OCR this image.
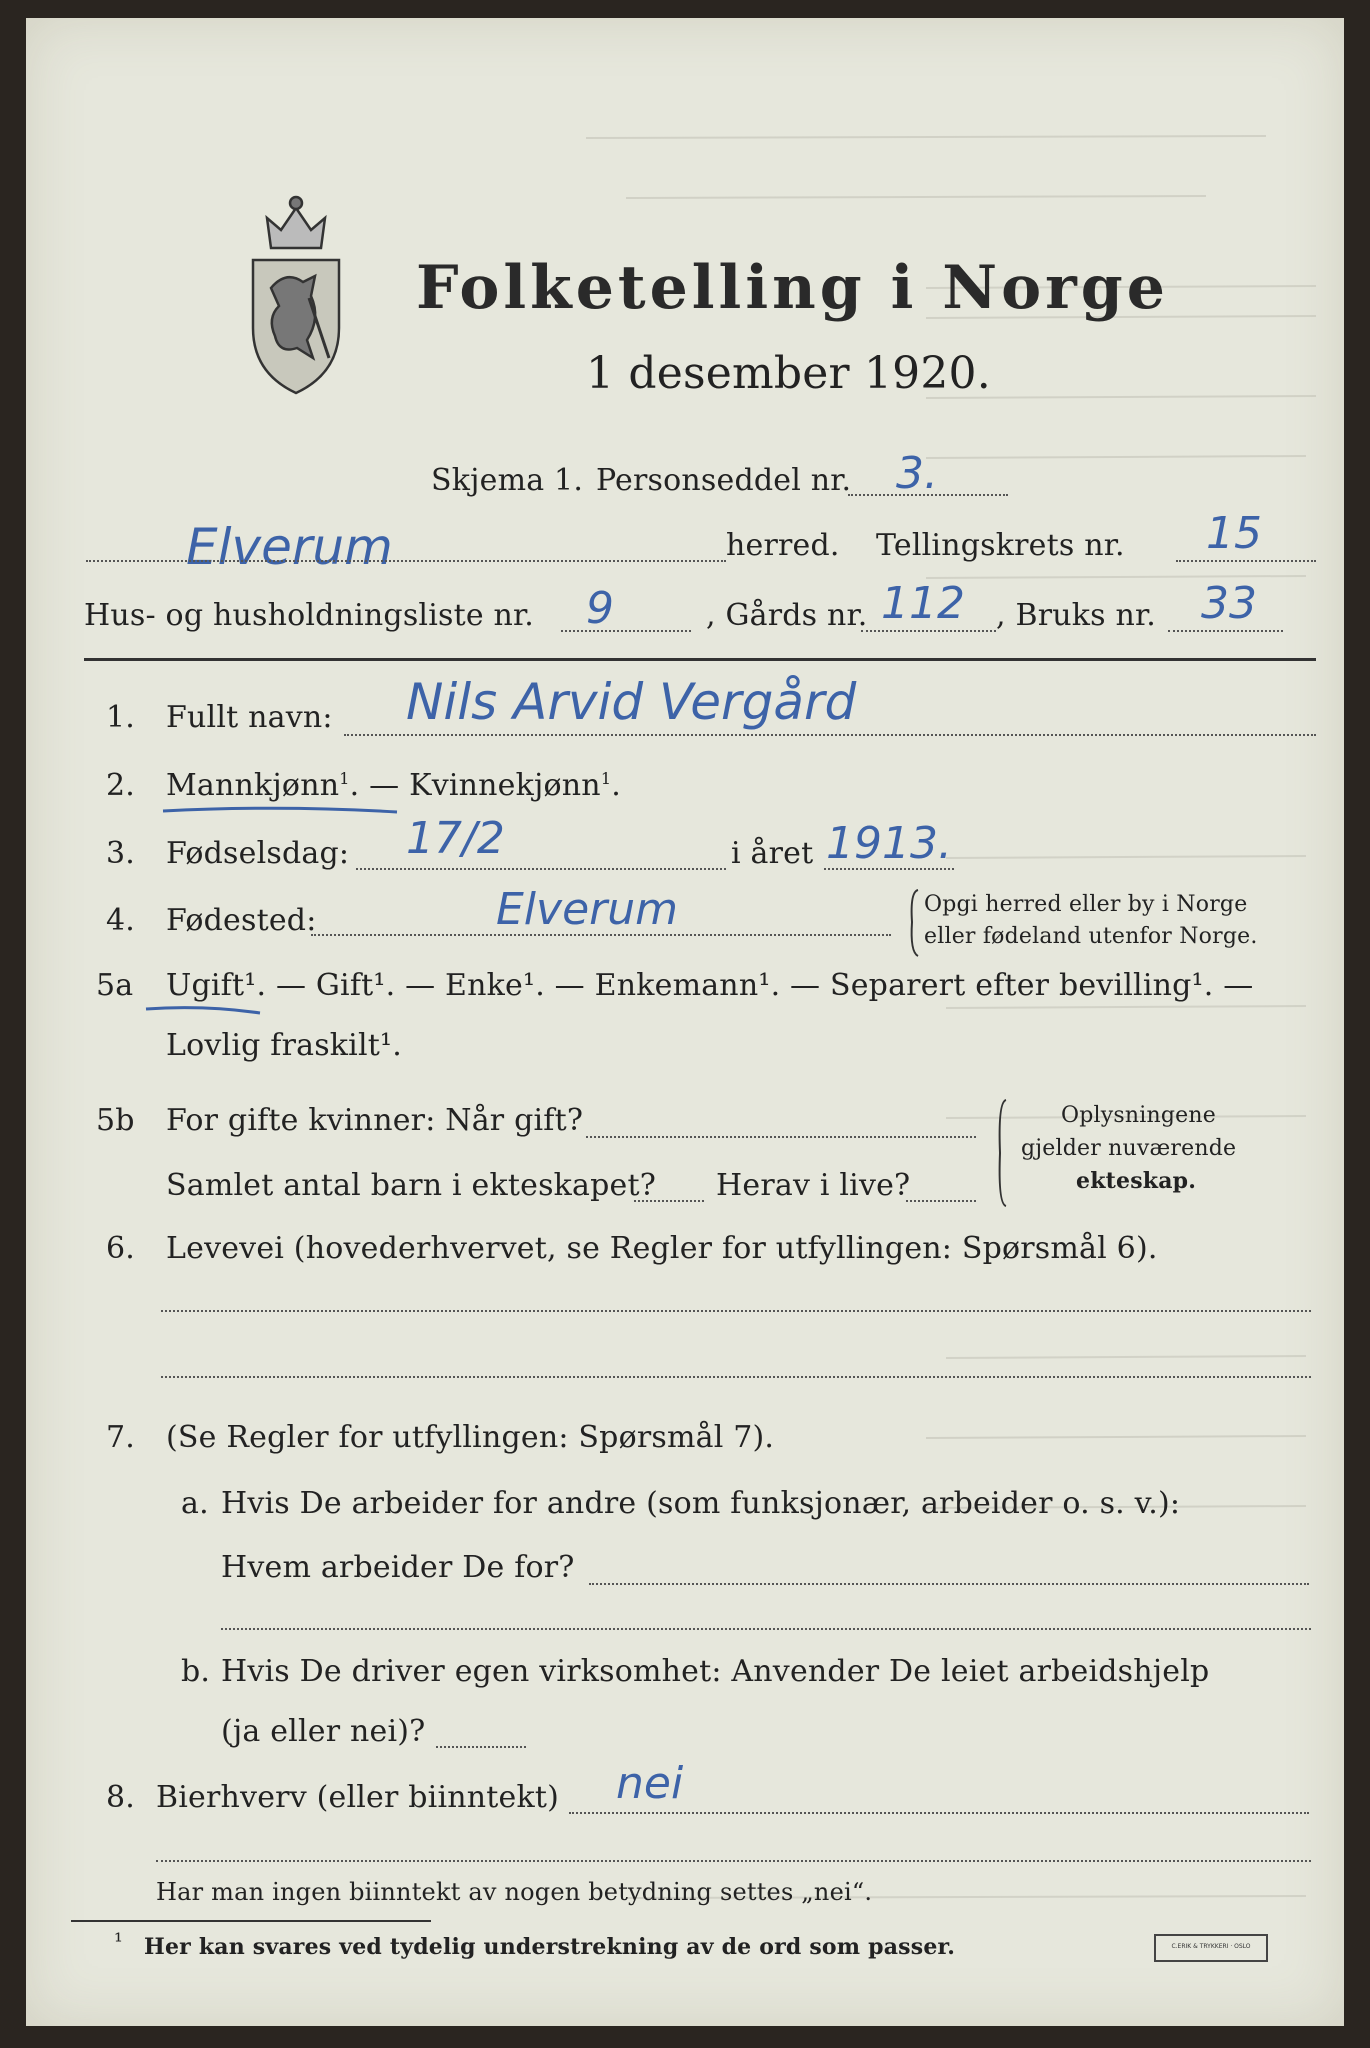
Folketelling i Norge
1 desember 1920.
Skjema 1. Personseddel nr. 3.
Elverum	herred. Tellingskrets nr. 15
Hus- og husholdningsliste nr. 9	, Gårds nr. 112 , Bruks nr. 33
1. Fullt navn: Nils Arvid Vergård
2. Mannkjønn$^1$. — Kvinnekjønn$^1$.
3. Fødselsdag: 17/2	i året 1913.
4. Fødested:	Elverum	Opgi herred eller by i Norge
eller fødeland utenfor Norge.
5a Ugift¹. — Gift¹. — Enke¹. — Enkemann¹. — Separert efter bevilling¹. —
Lovlig fraskilt¹.
5b For gifte kvinner: Når gift?
Samlet antal barn i ekteskapet? Herav i live?
Oplysningene
gjelder nuværende
ekteskap.
6. Levevei (hovederhvervet, se Regler for utfyllingen: Spørsmål 6).
7. (Se Regler for utfyllingen: Spørsmål 7).
a. Hvis De arbeider for andre (som funksjonær, arbeider o. s. v.):
Hvem arbeider De for?
b. Hvis De driver egen virksomhet: Anvender De leiet arbeidshjelp
(ja eller nei)?
8. Bierhverv (eller biinntekt) nei
Har man ingen biinntekt av nogen betydning settes „nei“.
¹ Her kan svares ved tydelig understrekning av de ord som passer.	C.ERIK & TRYKKERI · OSLO
